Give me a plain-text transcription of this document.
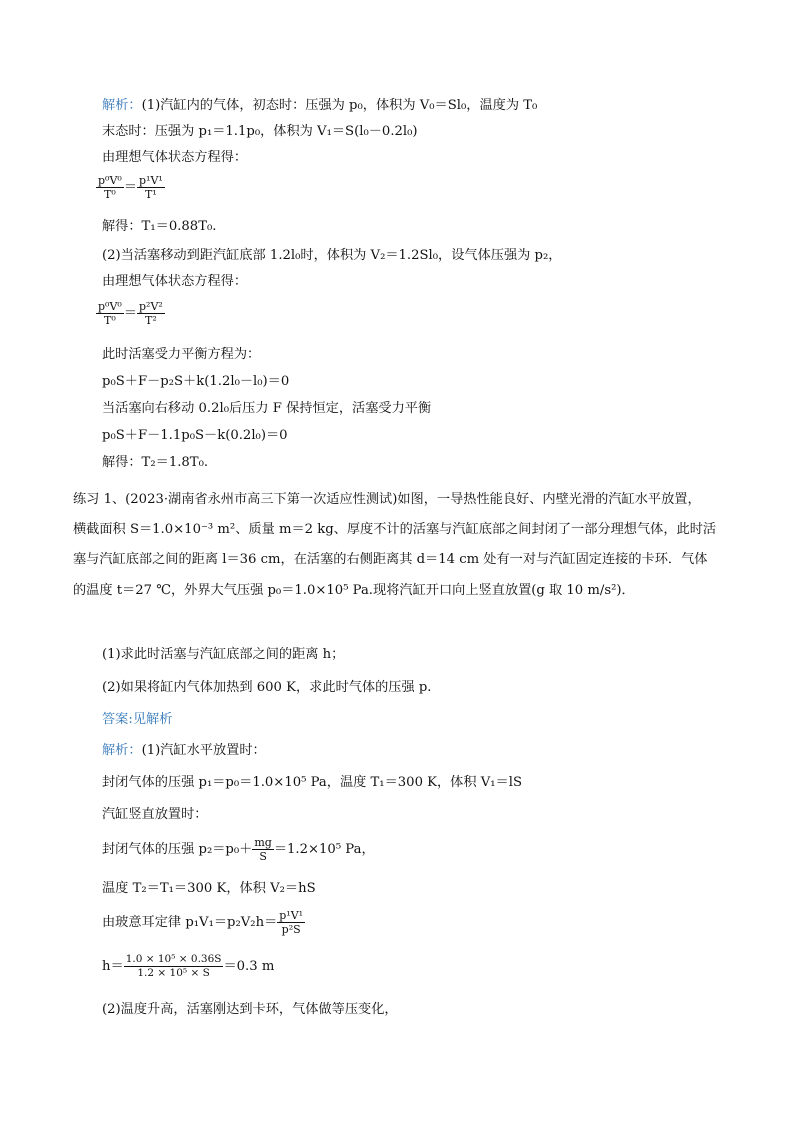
解析：(1)汽缸内的气体，初态时：压强为 p₀，体积为 V₀＝Sl₀，温度为 T₀
末态时：压强为 p₁＝1.1p₀，体积为 V₁＝S(l₀－0.2l₀)
由理想气体状态方程得：
$\frac{\text{p⁰V⁰}}{\text{T⁰}} = \frac{\text{p¹V¹}}{\text{T¹}}$
解得：T₁＝0.88T₀.
(2)当活塞移动到距汽缸底部 1.2l₀时，体积为 V₂＝1.2Sl₀，设气体压强为 p₂，
由理想气体状态方程得：
$\frac{\text{p⁰V⁰}}{\text{T⁰}} = \frac{\text{p²V²}}{\text{T²}}$
此时活塞受力平衡方程为：
p₀S＋F－p₂S＋k(1.2l₀－l₀)＝0
当活塞向右移动 0.2l₀后压力 F 保持恒定，活塞受力平衡
p₀S＋F－1.1p₀S－k(0.2l₀)＝0
解得：T₂＝1.8T₀.
练习 1、(2023·湖南省永州市高三下第一次适应性测试)如图，一导热性能良好、内壁光滑的汽缸水平放置，
横截面积 S＝1.0×10⁻³ m²、质量 m＝2 kg、厚度不计的活塞与汽缸底部之间封闭了一部分理想气体，此时活
塞与汽缸底部之间的距离 l＝36 cm，在活塞的右侧距离其 d＝14 cm 处有一对与汽缸固定连接的卡环．气体
的温度 t＝27 ℃，外界大气压强 p₀＝1.0×10⁵ Pa.现将汽缸开口向上竖直放置(g 取 10 m/s²)．
(1)求此时活塞与汽缸底部之间的距离 h；
(2)如果将缸内气体加热到 600 K，求此时气体的压强 p.
答案:见解析
解析：(1)汽缸水平放置时：
封闭气体的压强 p₁＝p₀＝1.0×10⁵ Pa，温度 T₁＝300 K，体积 V₁＝lS
汽缸竖直放置时：
封闭气体的压强 $p_2=p_0+ \frac{mg}{S} =1.2\times 10^5$ Pa，
温度 T₂＝T₁＝300 K，体积 V₂＝hS
由玻意耳定律 $p_1V_1=p_2V_2h= \frac{\text{p¹V¹}}{\text{p²S}}$
$h= \frac{\text{1.0 × 10⁵ × 0.36S}}{\text{1.2 × 10⁵ × S}} =0.3$ m
(2)温度升高，活塞刚达到卡环，气体做等压变化，
